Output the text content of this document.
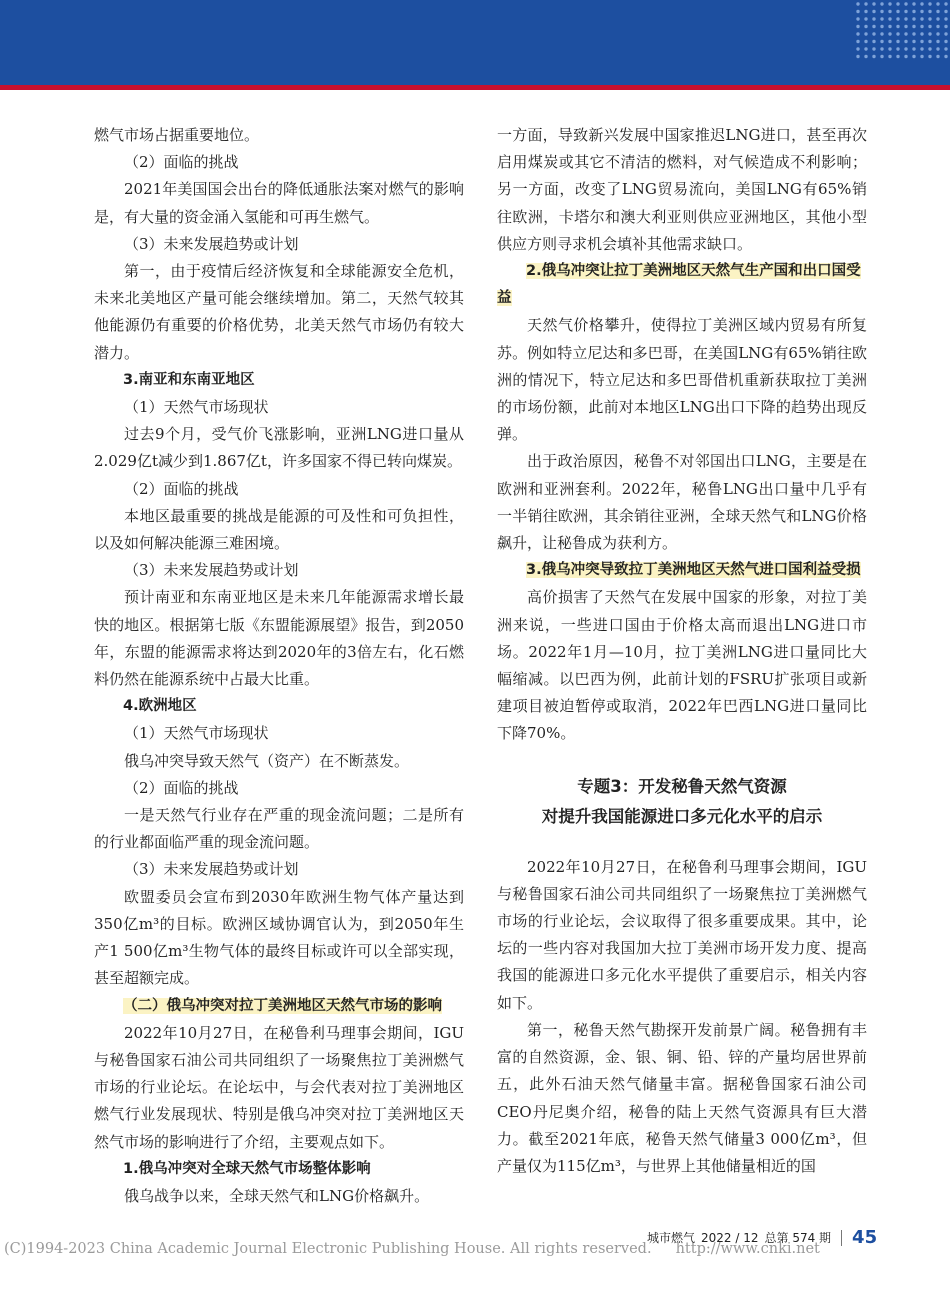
燃气市场占据重要地位。

（2）面临的挑战

2021年美国国会出台的降低通胀法案对燃气的影响是，有大量的资金涌入氢能和可再生燃气。

（3）未来发展趋势或计划

第一，由于疫情后经济恢复和全球能源安全危机，未来北美地区产量可能会继续增加。第二，天然气较其他能源仍有重要的价格优势，北美天然气市场仍有较大潜力。

3.南亚和东南亚地区

（1）天然气市场现状

过去9个月，受气价飞涨影响，亚洲LNG进口量从2.029亿t减少到1.867亿t，许多国家不得已转向煤炭。

（2）面临的挑战

本地区最重要的挑战是能源的可及性和可负担性，以及如何解决能源三难困境。

（3）未来发展趋势或计划

预计南亚和东南亚地区是未来几年能源需求增长最快的地区。根据第七版《东盟能源展望》报告，到2050年，东盟的能源需求将达到2020年的3倍左右，化石燃料仍然在能源系统中占最大比重。

4.欧洲地区

（1）天然气市场现状

俄乌冲突导致天然气（资产）在不断蒸发。

（2）面临的挑战

一是天然气行业存在严重的现金流问题；二是所有的行业都面临严重的现金流问题。

（3）未来发展趋势或计划

欧盟委员会宣布到2030年欧洲生物气体产量达到350亿m³的目标。欧洲区域协调官认为，到2050年生产1 500亿m³生物气体的最终目标或许可以全部实现，甚至超额完成。

（二）俄乌冲突对拉丁美洲地区天然气市场的影响

2022年10月27日，在秘鲁利马理事会期间，IGU与秘鲁国家石油公司共同组织了一场聚焦拉丁美洲燃气市场的行业论坛。在论坛中，与会代表对拉丁美洲地区燃气行业发展现状、特别是俄乌冲突对拉丁美洲地区天然气市场的影响进行了介绍，主要观点如下。

1.俄乌冲突对全球天然气市场整体影响

俄乌战争以来，全球天然气和LNG价格飙升。

一方面，导致新兴发展中国家推迟LNG进口，甚至再次启用煤炭或其它不清洁的燃料，对气候造成不利影响；另一方面，改变了LNG贸易流向，美国LNG有65%销往欧洲，卡塔尔和澳大利亚则供应亚洲地区，其他小型供应方则寻求机会填补其他需求缺口。

2.俄乌冲突让拉丁美洲地区天然气生产国和出口国受益

天然气价格攀升，使得拉丁美洲区域内贸易有所复苏。例如特立尼达和多巴哥，在美国LNG有65%销往欧洲的情况下，特立尼达和多巴哥借机重新获取拉丁美洲的市场份额，此前对本地区LNG出口下降的趋势出现反弹。

出于政治原因，秘鲁不对邻国出口LNG，主要是在欧洲和亚洲套利。2022年，秘鲁LNG出口量中几乎有一半销往欧洲，其余销往亚洲，全球天然气和LNG价格飙升，让秘鲁成为获利方。

3.俄乌冲突导致拉丁美洲地区天然气进口国利益受损

高价损害了天然气在发展中国家的形象，对拉丁美洲来说，一些进口国由于价格太高而退出LNG进口市场。2022年1月—10月，拉丁美洲LNG进口量同比大幅缩减。以巴西为例，此前计划的FSRU扩张项目或新建项目被迫暂停或取消，2022年巴西LNG进口量同比下降70%。

专题3：开发秘鲁天然气资源
对提升我国能源进口多元化水平的启示

2022年10月27日，在秘鲁利马理事会期间，IGU与秘鲁国家石油公司共同组织了一场聚焦拉丁美洲燃气市场的行业论坛，会议取得了很多重要成果。其中，论坛的一些内容对我国加大拉丁美洲市场开发力度、提高我国的能源进口多元化水平提供了重要启示，相关内容如下。

第一，秘鲁天然气勘探开发前景广阔。秘鲁拥有丰富的自然资源，金、银、铜、铅、锌的产量均居世界前五，此外石油天然气储量丰富。据秘鲁国家石油公司CEO丹尼奥介绍，秘鲁的陆上天然气资源具有巨大潜力。截至2021年底，秘鲁天然气储量3 000亿m³，但产量仅为115亿m³，与世界上其他储量相近的国

城市燃气 2022 / 12 总第 574 期 45
(C)1994-2023 China Academic Journal Electronic Publishing House. All rights reserved. http://www.cnki.net
